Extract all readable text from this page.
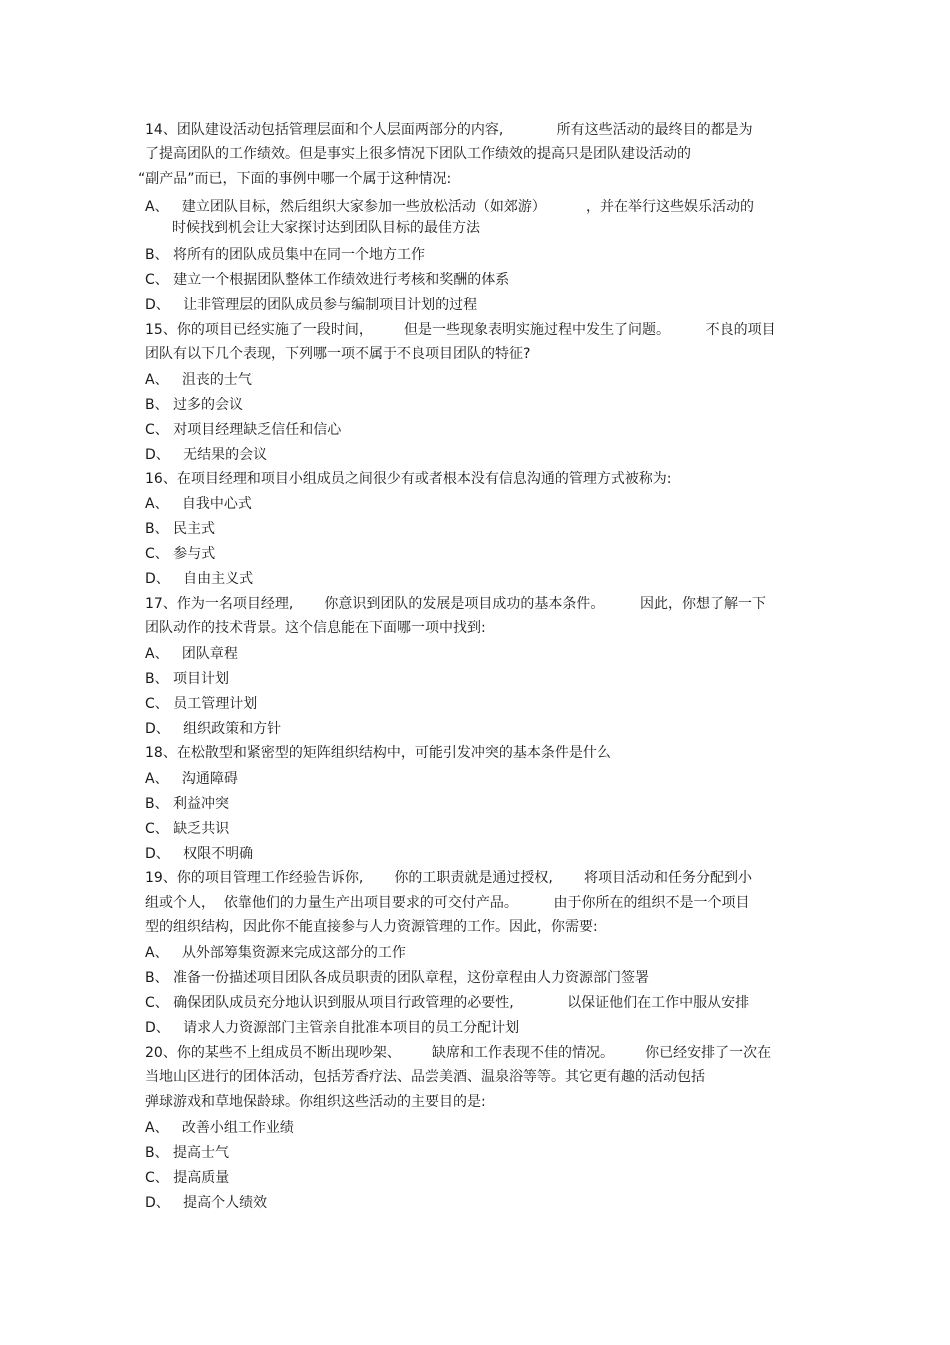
14、团队建设活动包括管理层面和个人层面两部分的内容,            所有这些活动的最终目的都是为
了提高团队的工作绩效。但是事实上很多情况下团队工作绩效的提高只是团队建设活动的
“副产品”而已，下面的事例中哪一个属于这种情况:
A、   建立团队目标，然后组织大家参加一些放松活动（如郊游）         ，并在举行这些娱乐活动的
时候找到机会让大家探讨达到团队目标的最佳方法
B、 将所有的团队成员集中在同一个地方工作
C、 建立一个根据团队整体工作绩效进行考核和奖酬的体系
D、   让非管理层的团队成员参与编制项目计划的过程
15、你的项目已经实施了一段时间，       但是一些现象表明实施过程中发生了问题。        不良的项目
团队有以下几个表现，下列哪一项不属于不良项目团队的特征?
A、   沮丧的士气
B、 过多的会议
C、 对项目经理缺乏信任和信心
D、   无结果的会议
16、在项目经理和项目小组成员之间很少有或者根本没有信息沟通的管理方式被称为:
A、   自我中心式
B、 民主式
C、 参与式
D、   自由主义式
17、作为一名项目经理,       你意识到团队的发展是项目成功的基本条件。        因此，你想了解一下
团队动作的技术背景。这个信息能在下面哪一项中找到:
A、   团队章程
B、 项目计划
C、 员工管理计划
D、   组织政策和方针
18、在松散型和紧密型的矩阵组织结构中，可能引发冲突的基本条件是什么
A、   沟通障碍
B、 利益冲突
C、 缺乏共识
D、   权限不明确
19、你的项目管理工作经验告诉你,       你的工职责就是通过授权,       将项目活动和任务分配到小
组或个人，  依靠他们的力量生产出项目要求的可交付产品。        由于你所在的组织不是一个项目
型的组织结构，因此你不能直接参与人力资源管理的工作。因此，你需要:
A、   从外部筹集资源来完成这部分的工作
B、 准备一份描述项目团队各成员职责的团队章程，这份章程由人力资源部门签署
C、 确保团队成员充分地认识到服从项目行政管理的必要性,            以保证他们在工作中服从安排
D、   请求人力资源部门主管亲自批准本项目的员工分配计划
20、你的某些不上组成员不断出现吵架、       缺席和工作表现不佳的情况。       你已经安排了一次在
当地山区进行的团体活动，包括芳香疗法、品尝美酒、温泉浴等等。其它更有趣的活动包括
弹球游戏和草地保龄球。你组织这些活动的主要目的是:
A、   改善小组工作业绩
B、 提高士气
C、 提高质量
D、   提高个人绩效
